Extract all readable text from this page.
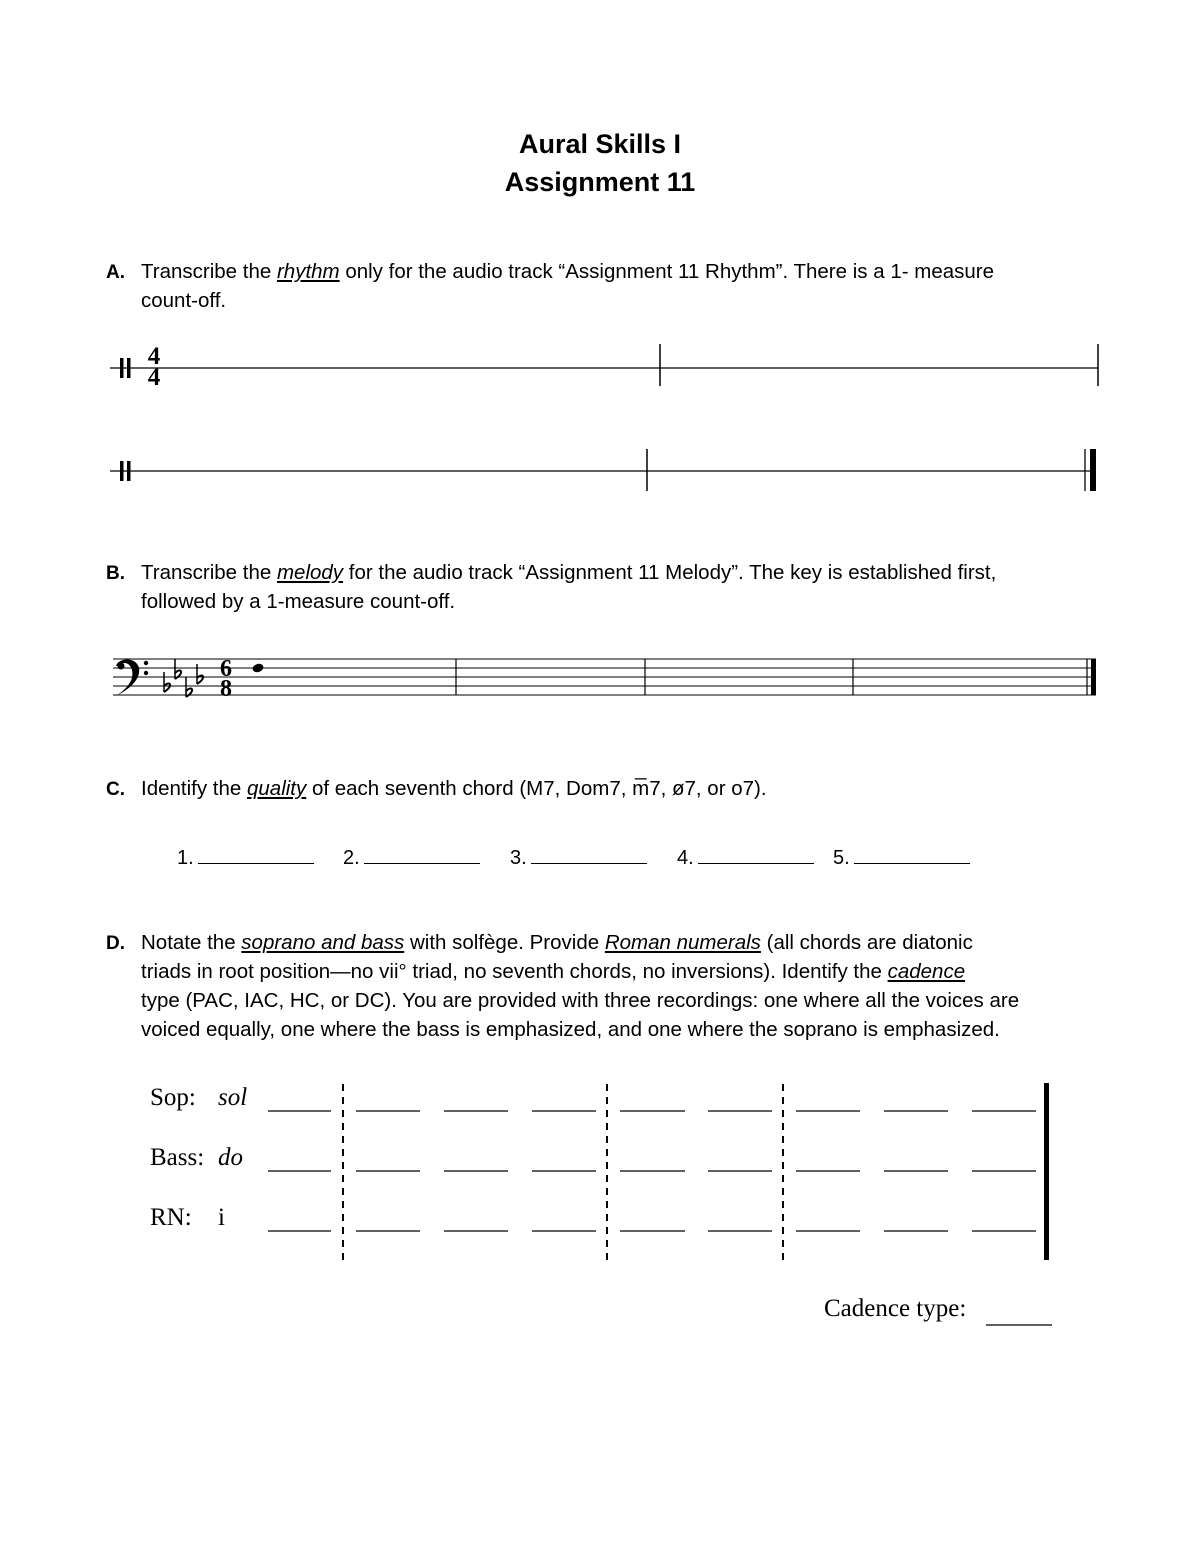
Aural Skills I
Assignment 11
A. Transcribe the rhythm only for the audio track “Assignment 11 Rhythm”. There is a 1- measure
count-off.
4
4
B. Transcribe the melody for the audio track “Assignment 11 Melody”. The key is established first,
followed by a 1-measure count-off.
6
8
C. Identify the quality of each seventh chord (M7, Dom7, m̅7, ø7, or o7).
1.	2.	3.	4.	5.
D. Notate the soprano and bass with solfège. Provide Roman numerals (all chords are diatonic
triads in root position—no vii° triad, no seventh chords, no inversions). Identify the cadence
type (PAC, IAC, HC, or DC). You are provided with three recordings: one where all the voices are
voiced equally, one where the bass is emphasized, and one where the soprano is emphasized.
Sop: sol
Bass: do
RN: i
Cadence type:
